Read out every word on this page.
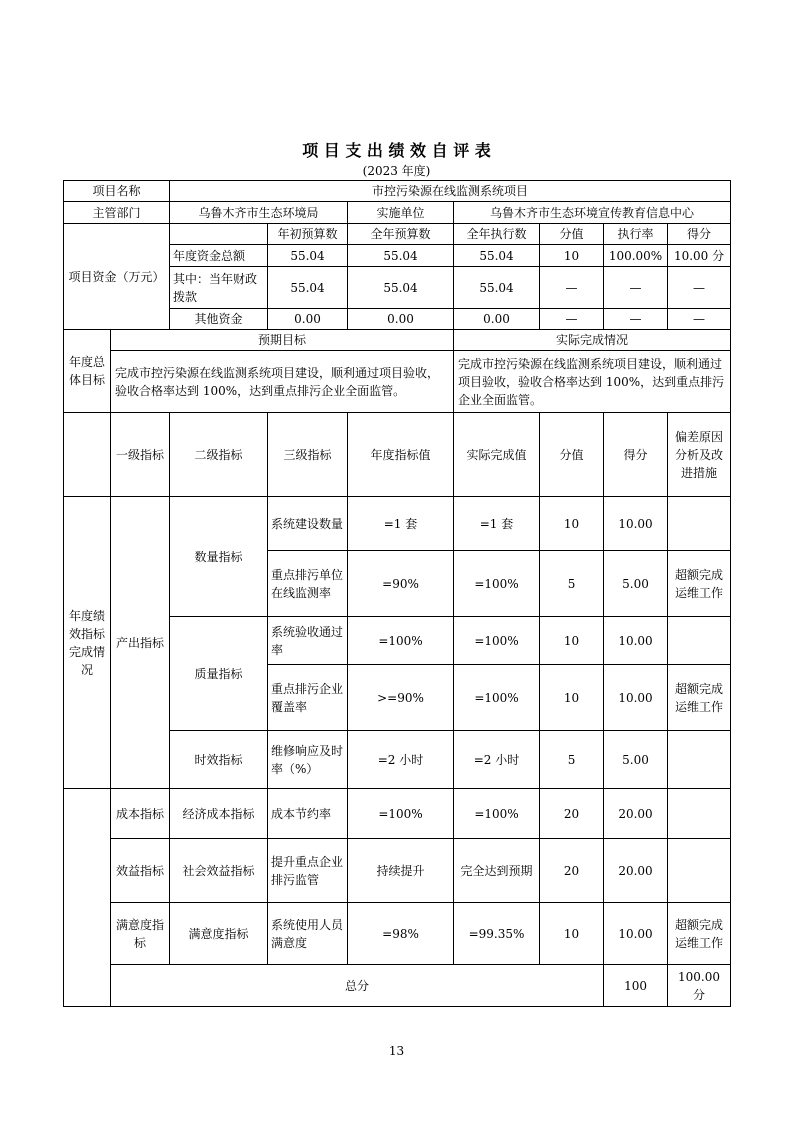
项 目 支 出 绩 效 自 评 表
(2023 年度)
项目名称		市控污染源在线监测系统项目							
主管部门		乌鲁木齐市生态环境局		实施单位	乌鲁木齐市生态环境宣传教育信息中心				
项目资金（万元）			年初预算数	全年预算数	全年执行数	分值	执行率	得分	
		年度资金总额	55.04	55.04	55.04	10	100.00%	10.00 分	
		其中：当年财政拨款	55.04	55.04	55.04	—	—	—	
		其他资金	0.00	0.00	0.00	—	—	—	
年度总体目标	预期目标				实际完成情况				
	完成市控污染源在线监测系统项目建设，顺利通过项目验收，验收合格率达到 100%，达到重点排污企业全面监管。				完成市控污染源在线监测系统项目建设，顺利通过项目验收，验收合格率达到 100%，达到重点排污企业全面监管。				
	一级指标	二级指标	三级指标	年度指标值	实际完成值	分值	得分	偏差原因分析及改进措施	
年度绩效指标完成情况	产出指标	数量指标	系统建设数量	=1 套	=1 套	10	10.00		
			重点排污单位在线监测率	=90%	=100%	5	5.00	超额完成运维工作	
		质量指标	系统验收通过率	=100%	=100%	10	10.00		
			重点排污企业覆盖率	>=90%	=100%	10	10.00	超额完成运维工作	
		时效指标	维修响应及时率（%）	=2 小时	=2 小时	5	5.00		
	成本指标	经济成本指标	成本节约率	=100%	=100%	20	20.00		
	效益指标	社会效益指标	提升重点企业排污监管	持续提升	完全达到预期	20	20.00		
	满意度指标	满意度指标	系统使用人员满意度	=98%	=99.35%	10	10.00	超额完成运维工作	
	总分						100	100.00 分	
13
